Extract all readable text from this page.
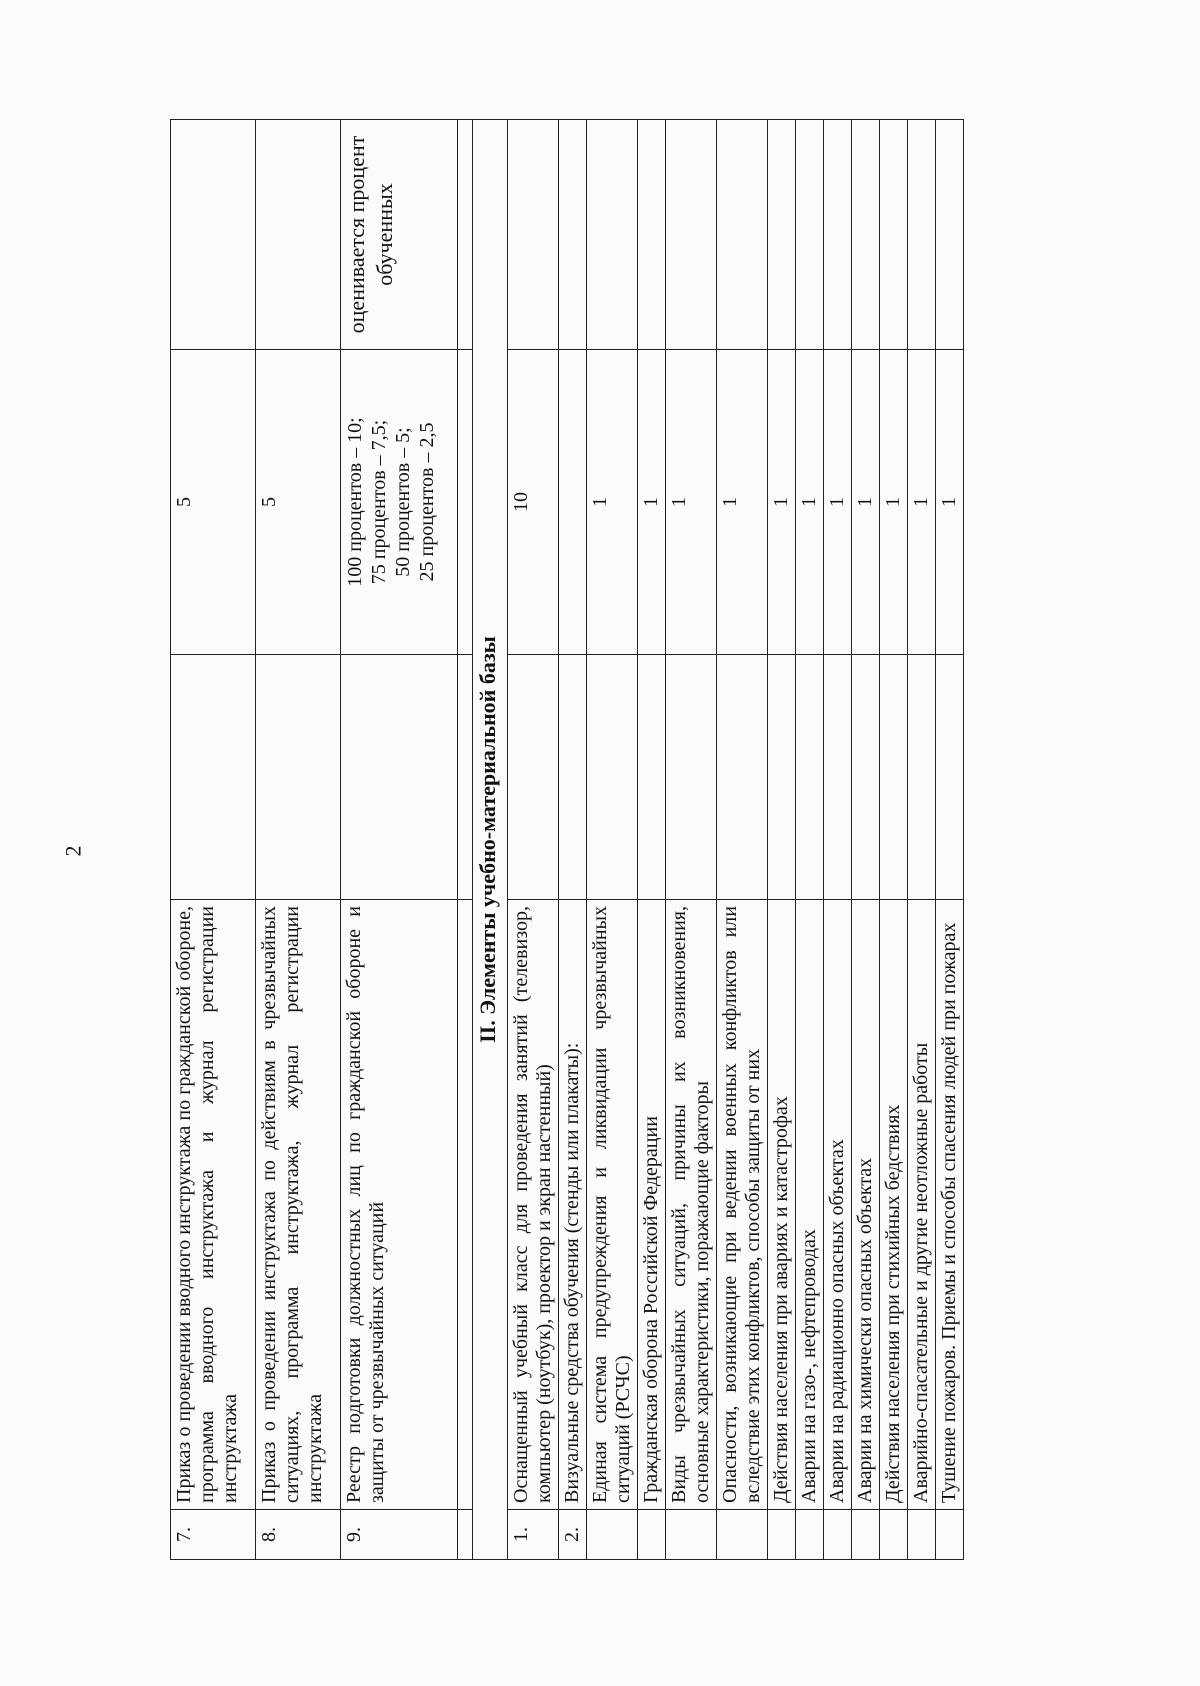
2
7.	Приказ о проведении вводного инструктажа по гражданской обороне, программа вводного инструктажа и журнал регистрации инструктажа		5	
8.	Приказ о проведении инструктажа по действиям в чрезвычайных ситуациях, программа инструктажа, журнал регистрации инструктажа		5	
9.	Реестр подготовки должностных лиц по гражданской обороне и защиты от чрезвычайных ситуаций		100 процентов – 10; 75 процентов – 7,5; 50 процентов – 5; 25 процентов – 2,5	оценивается процент обученных

II. Элементы учебно-материальной базы				
1.	Оснащенный учебный класс для проведения занятий (телевизор, компьютер (ноутбук), проектор и экран настенный)		10	
2.	Визуальные средства обучения (стенды или плакаты):			
	Единая система предупреждения и ликвидации чрезвычайных ситуаций (РСЧС)		1	
	Гражданская оборона Российской Федерации		1	
	Виды чрезвычайных ситуаций, причины их возникновения, основные характеристики, поражающие факторы		1	
	Опасности, возникающие при ведении военных конфликтов или вследствие этих конфликтов, способы защиты от них		1	
	Действия населения при авариях и катастрофах		1	
	Аварии на газо-, нефтепроводах		1	
	Аварии на радиационно опасных объектах		1	
	Аварии на химически опасных объектах		1	
	Действия населения при стихийных бедствиях		1	
	Аварийно-спасательные и другие неотложные работы		1	
	Тушение пожаров. Приемы и способы спасения людей при пожарах		1	
